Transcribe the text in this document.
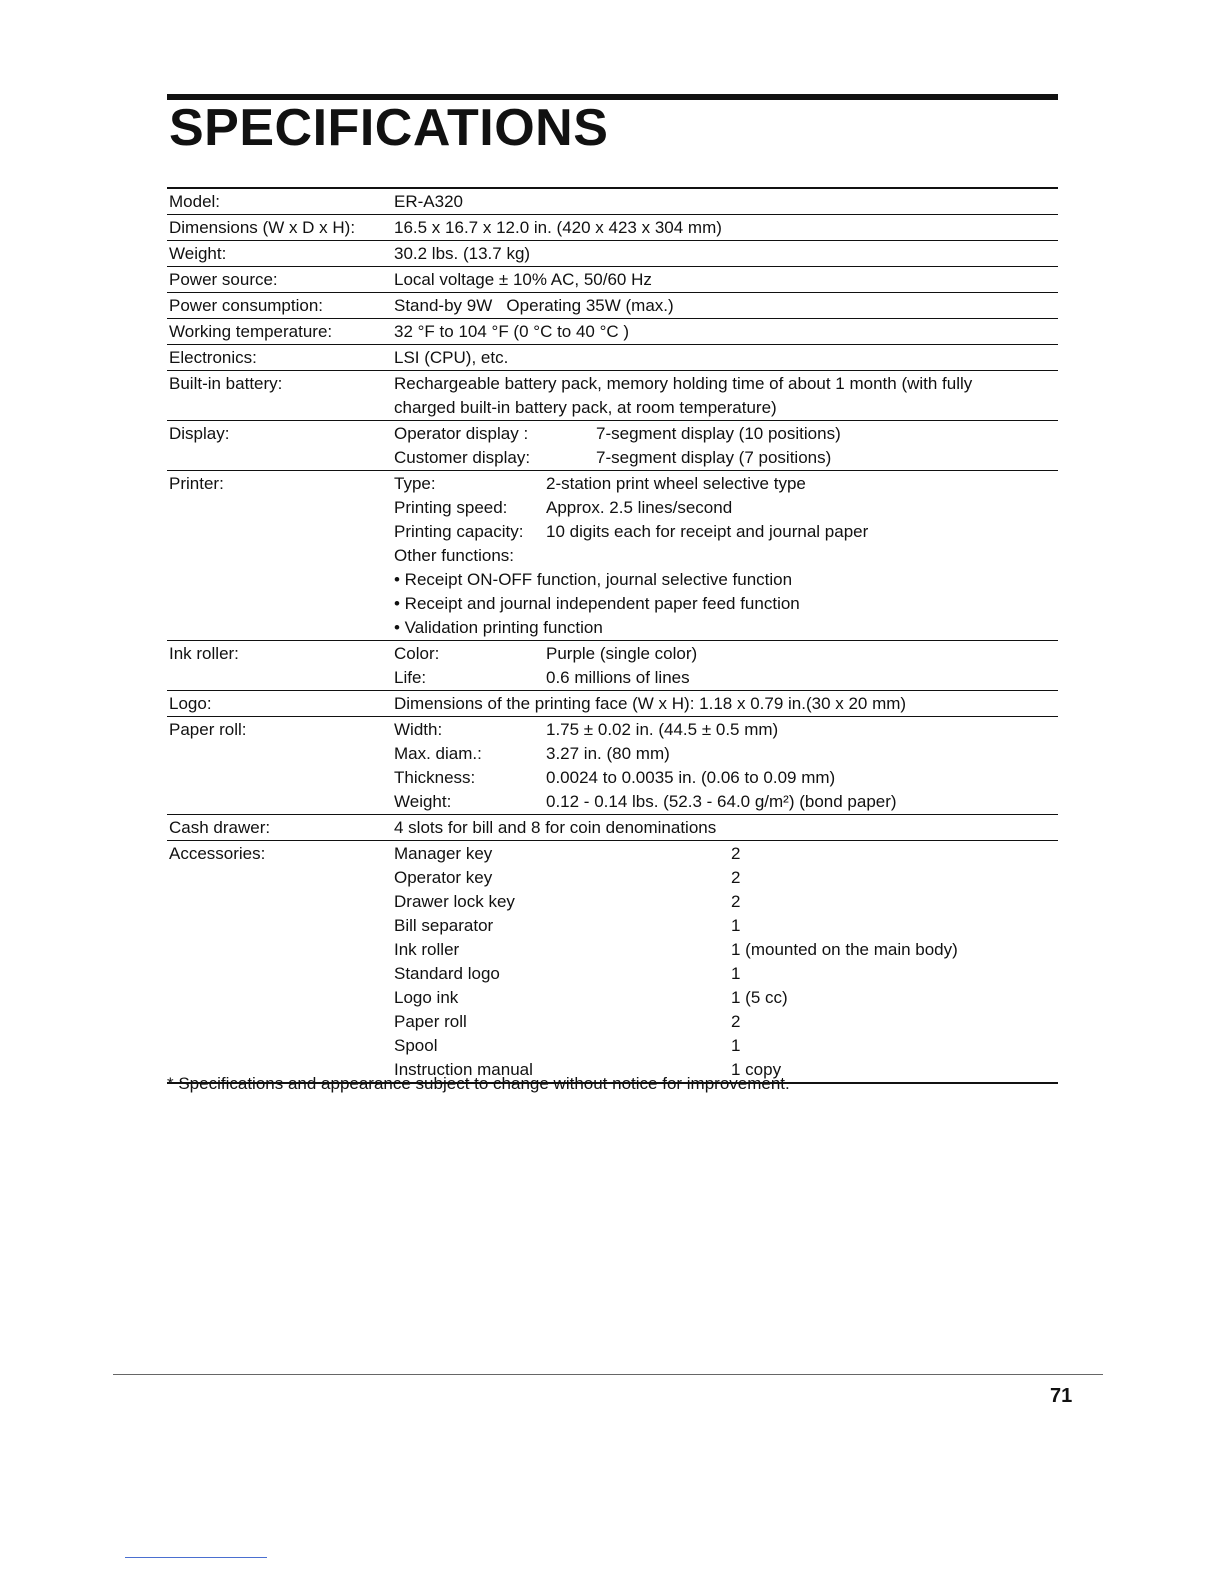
SPECIFICATIONS
Model:	ER-A320
Dimensions (W x D x H):	16.5 x 16.7 x 12.0 in. (420 x 423 x 304 mm)
Weight:	30.2 lbs. (13.7 kg)
Power source:	Local voltage ± 10% AC, 50/60 Hz
Power consumption:	Stand-by 9W   Operating 35W (max.)
Working temperature:	32 °F to 104 °F (0 °C to 40 °C )
Electronics:	LSI (CPU), etc.
Built-in battery:	Rechargeable battery pack, memory holding time of about 1 month (with fully
charged built-in battery pack, at room temperature)
Display:	Operator display :	7-segment display (10 positions)
Customer display:	7-segment display (7 positions)
Printer:	Type:	2-station print wheel selective type
Printing speed:	Approx. 2.5 lines/second
Printing capacity:	10 digits each for receipt and journal paper
Other functions:
• Receipt ON-OFF function, journal selective function
• Receipt and journal independent paper feed function
• Validation printing function
Ink roller:	Color:	Purple (single color)
Life:	0.6 millions of lines
Logo:	Dimensions of the printing face (W x H): 1.18 x 0.79 in.(30 x 20 mm)
Paper roll:	Width:	1.75 ± 0.02 in. (44.5 ± 0.5 mm)
Max. diam.:	3.27 in. (80 mm)
Thickness:	0.0024 to 0.0035 in. (0.06 to 0.09 mm)
Weight:	0.12 - 0.14 lbs. (52.3 - 64.0 g/m²) (bond paper)
Cash drawer:	4 slots for bill and 8 for coin denominations
Accessories:	Manager key	2
Operator key	2
Drawer lock key	2
Bill separator	1
Ink roller	1 (mounted on the main body)
Standard logo	1
Logo ink	1 (5 cc)
Paper roll	2
Spool	1
Instruction manual	1 copy
* Specifications and appearance subject to change without notice for improvement.
71
